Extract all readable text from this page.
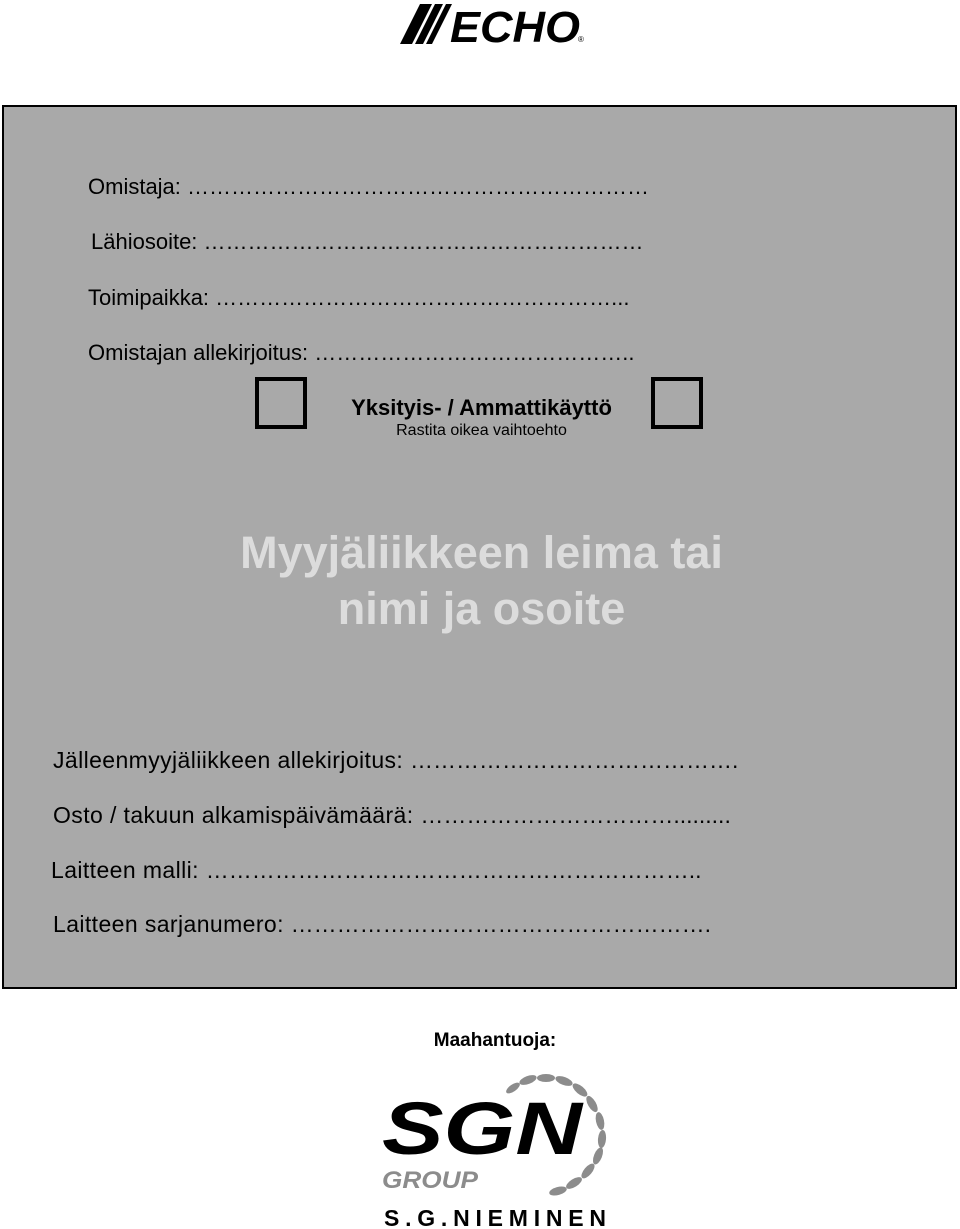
ECHO
®
Omistaja: ………………………………………………………
Lähiosoite: ……………………………………………………
Toimipaikka: ………………………………………………...
Omistajan allekirjoitus: ……………………………………..
Yksityis- / Ammattikäyttö
Rastita oikea vaihtoehto
Myyjäliikkeen leima tai
nimi ja osoite
Jälleenmyyjäliikkeen allekirjoitus: …………………………………….
Osto / takuun alkamispäivämäärä: …………………………….........
Laitteen malli: ………………………………………………………..
Laitteen sarjanumero: ……………………………………………….
Maahantuoja:
SGN
GROUP
S.G.NIEMINEN
